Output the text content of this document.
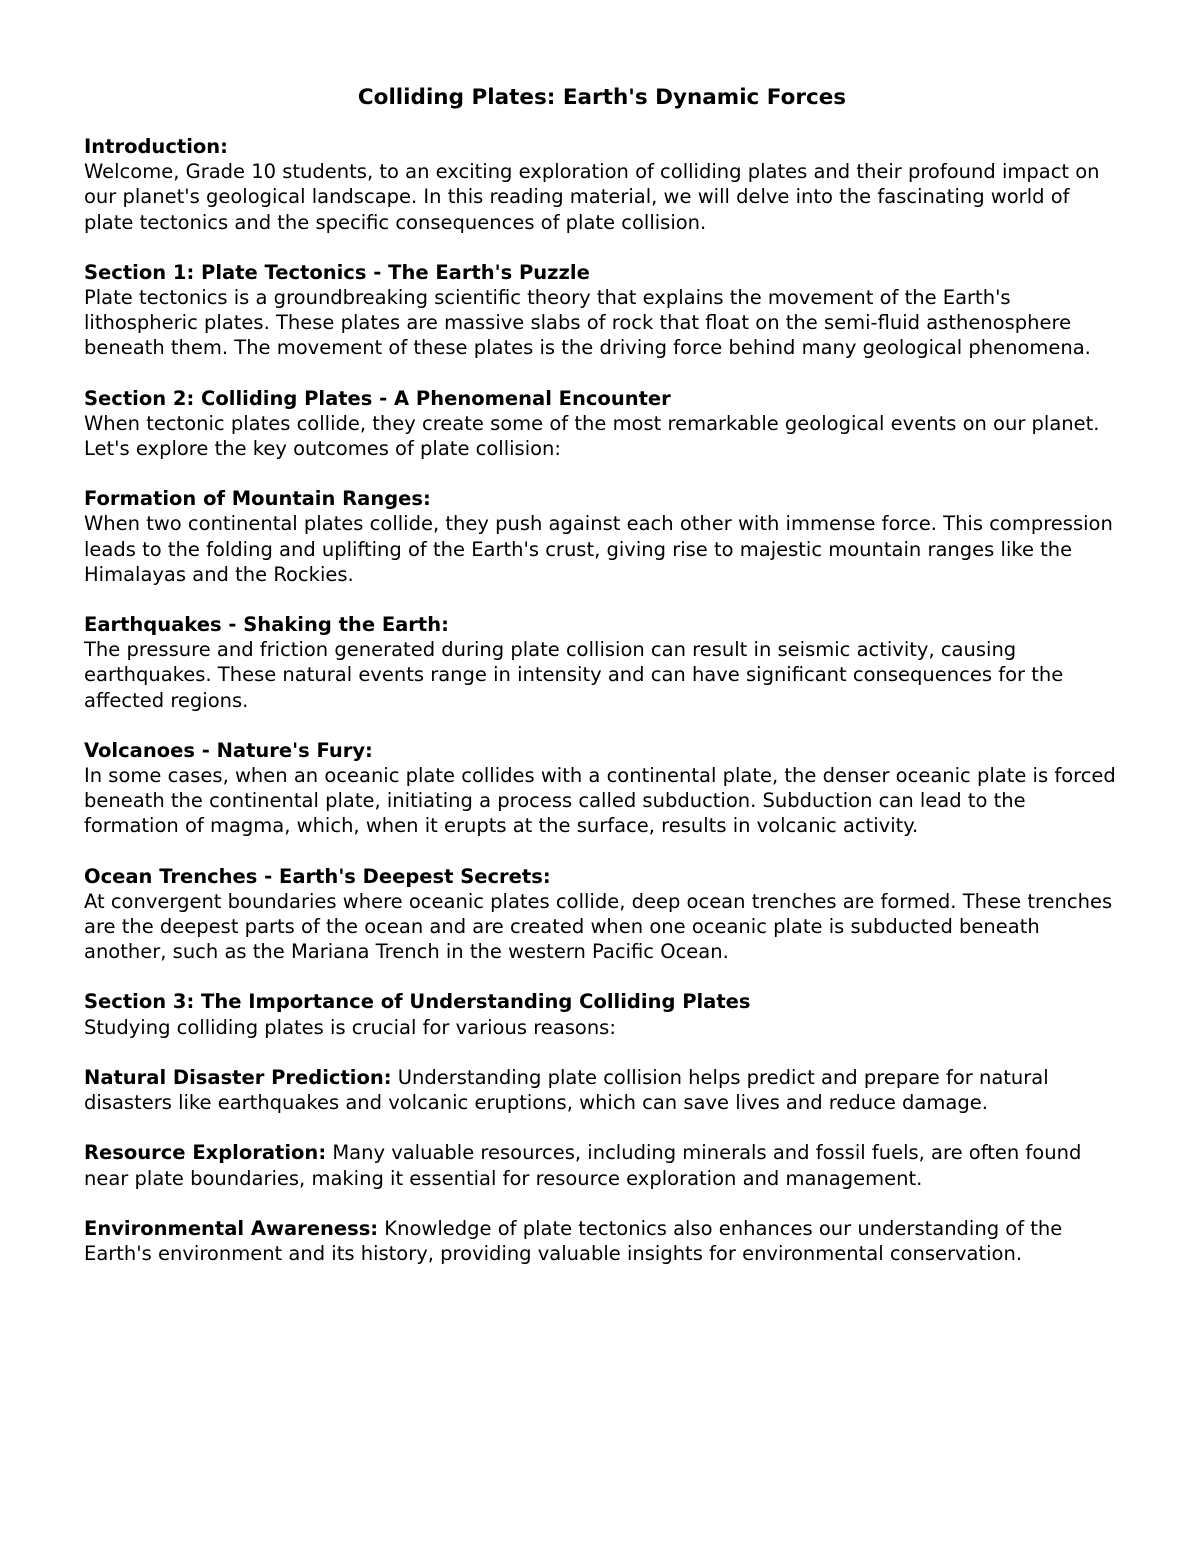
Colliding Plates: Earth's Dynamic Forces
Introduction:

Welcome, Grade 10 students, to an exciting exploration of colliding plates and their profound impact on our planet's geological landscape. In this reading material, we will delve into the fascinating world of plate tectonics and the specific consequences of plate collision.

Section 1: Plate Tectonics - The Earth's Puzzle

Plate tectonics is a groundbreaking scientific theory that explains the movement of the Earth's lithospheric plates. These plates are massive slabs of rock that float on the semi-fluid asthenosphere beneath them. The movement of these plates is the driving force behind many geological phenomena.

Section 2: Colliding Plates - A Phenomenal Encounter

When tectonic plates collide, they create some of the most remarkable geological events on our planet. Let's explore the key outcomes of plate collision:

Formation of Mountain Ranges:

When two continental plates collide, they push against each other with immense force. This compression leads to the folding and uplifting of the Earth's crust, giving rise to majestic mountain ranges like the Himalayas and the Rockies.

Earthquakes - Shaking the Earth:

The pressure and friction generated during plate collision can result in seismic activity, causing earthquakes. These natural events range in intensity and can have significant consequences for the affected regions.

Volcanoes - Nature's Fury:

In some cases, when an oceanic plate collides with a continental plate, the denser oceanic plate is forced beneath the continental plate, initiating a process called subduction. Subduction can lead to the formation of magma, which, when it erupts at the surface, results in volcanic activity.

Ocean Trenches - Earth's Deepest Secrets:

At convergent boundaries where oceanic plates collide, deep ocean trenches are formed. These trenches are the deepest parts of the ocean and are created when one oceanic plate is subducted beneath another, such as the Mariana Trench in the western Pacific Ocean.

Section 3: The Importance of Understanding Colliding Plates

Studying colliding plates is crucial for various reasons:

Natural Disaster Prediction: Understanding plate collision helps predict and prepare for natural disasters like earthquakes and volcanic eruptions, which can save lives and reduce damage.

Resource Exploration: Many valuable resources, including minerals and fossil fuels, are often found near plate boundaries, making it essential for resource exploration and management.

Environmental Awareness: Knowledge of plate tectonics also enhances our understanding of the Earth's environment and its history, providing valuable insights for environmental conservation.
